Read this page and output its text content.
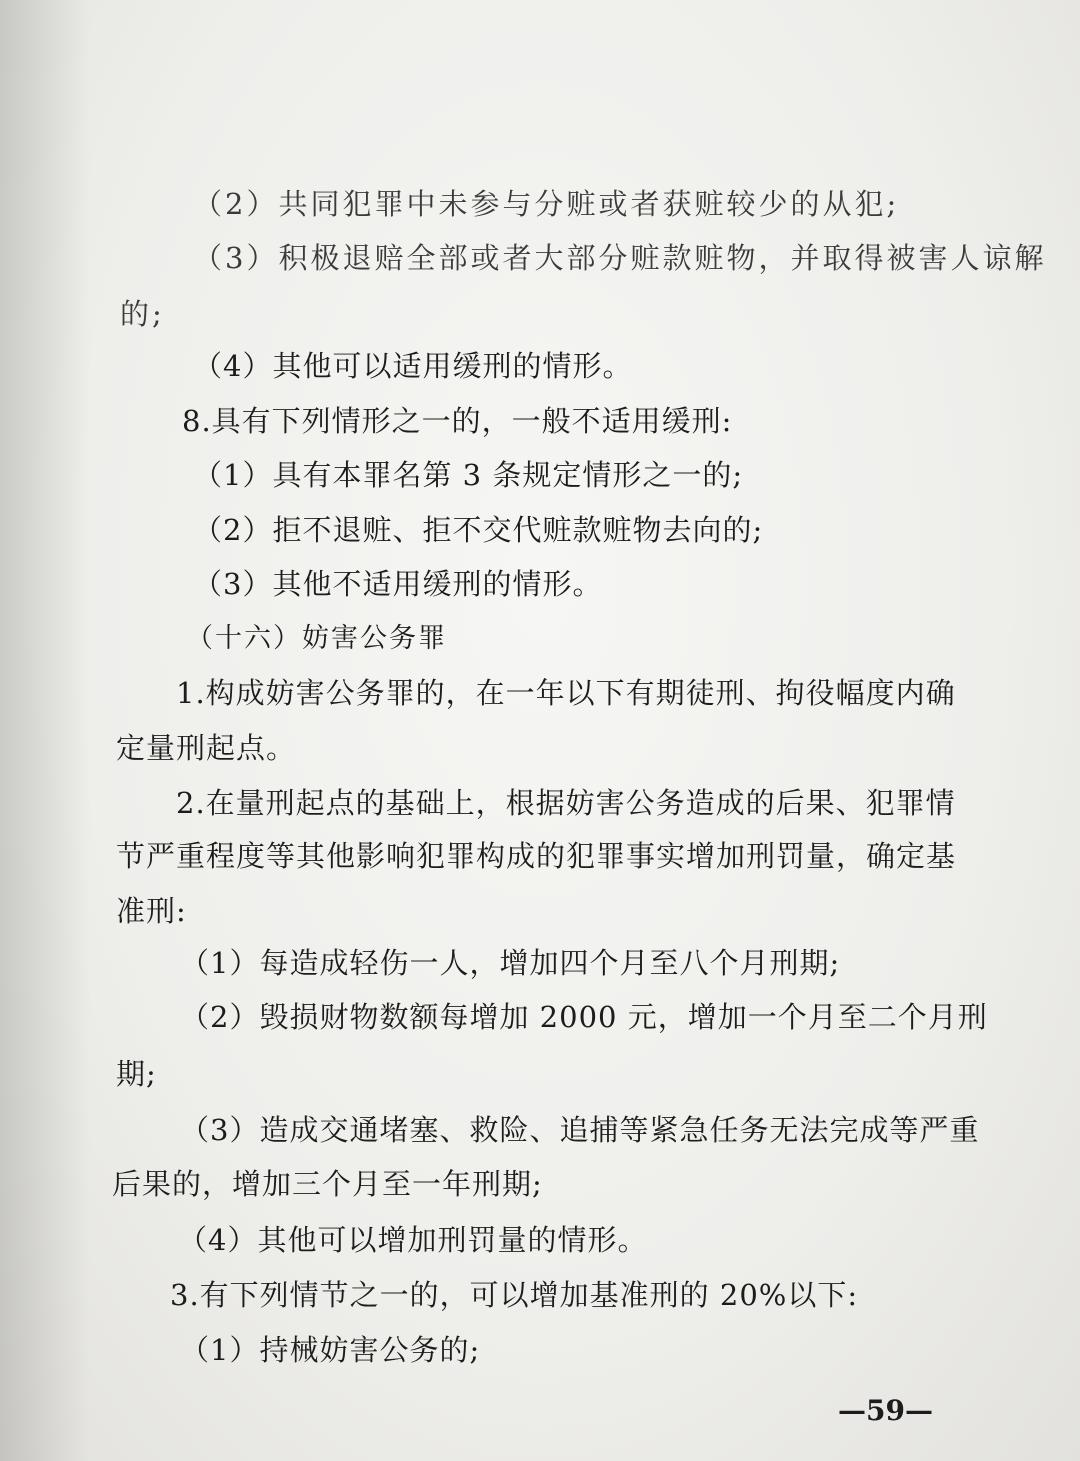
（2）共同犯罪中未参与分赃或者获赃较少的从犯;
（3）积极退赔全部或者大部分赃款赃物，并取得被害人谅解
的;
（4）其他可以适用缓刑的情形。
8.具有下列情形之一的，一般不适用缓刑:
（1）具有本罪名第 3 条规定情形之一的;
（2）拒不退赃、拒不交代赃款赃物去向的;
（3）其他不适用缓刑的情形。
（十六）妨害公务罪
1.构成妨害公务罪的，在一年以下有期徒刑、拘役幅度内确
定量刑起点。
2.在量刑起点的基础上，根据妨害公务造成的后果、犯罪情
节严重程度等其他影响犯罪构成的犯罪事实增加刑罚量，确定基
准刑:
（1）每造成轻伤一人，增加四个月至八个月刑期;
（2）毁损财物数额每增加 2000 元，增加一个月至二个月刑
期;
（3）造成交通堵塞、救险、追捕等紧急任务无法完成等严重
后果的，增加三个月至一年刑期;
（4）其他可以增加刑罚量的情形。
3.有下列情节之一的，可以增加基准刑的 20%以下:
（1）持械妨害公务的;
—59—
